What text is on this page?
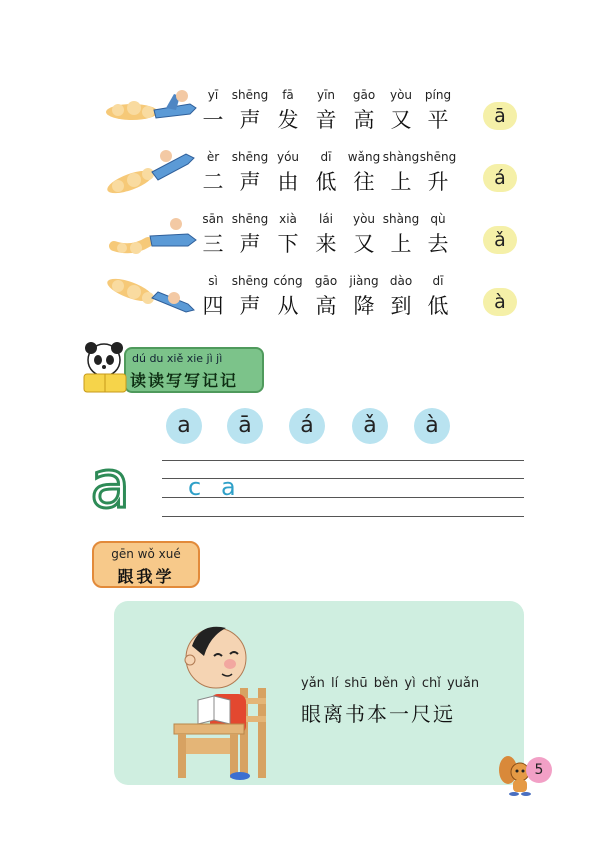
yī shēng fā yīn gāo yòu píng
一 声 发 音 高 又 平	ā
èr shēng yóu dī wǎng shàng shēng
二 声 由 低 往 上 升	á
sān shēng xià lái yòu shàng qù
三 声 下 来 又 上 去	ǎ
sì shēng cóng gāo jiàng dào dī
四 声 从 高 降 到 低	à
dú du xiě xie jì jì
读读写写记记
a	ā	á	ǎ	à
a c a
gēn wǒ xué
跟我学
yǎn lí shū běn yì chǐ yuǎn
眼离书本一尺远
5
